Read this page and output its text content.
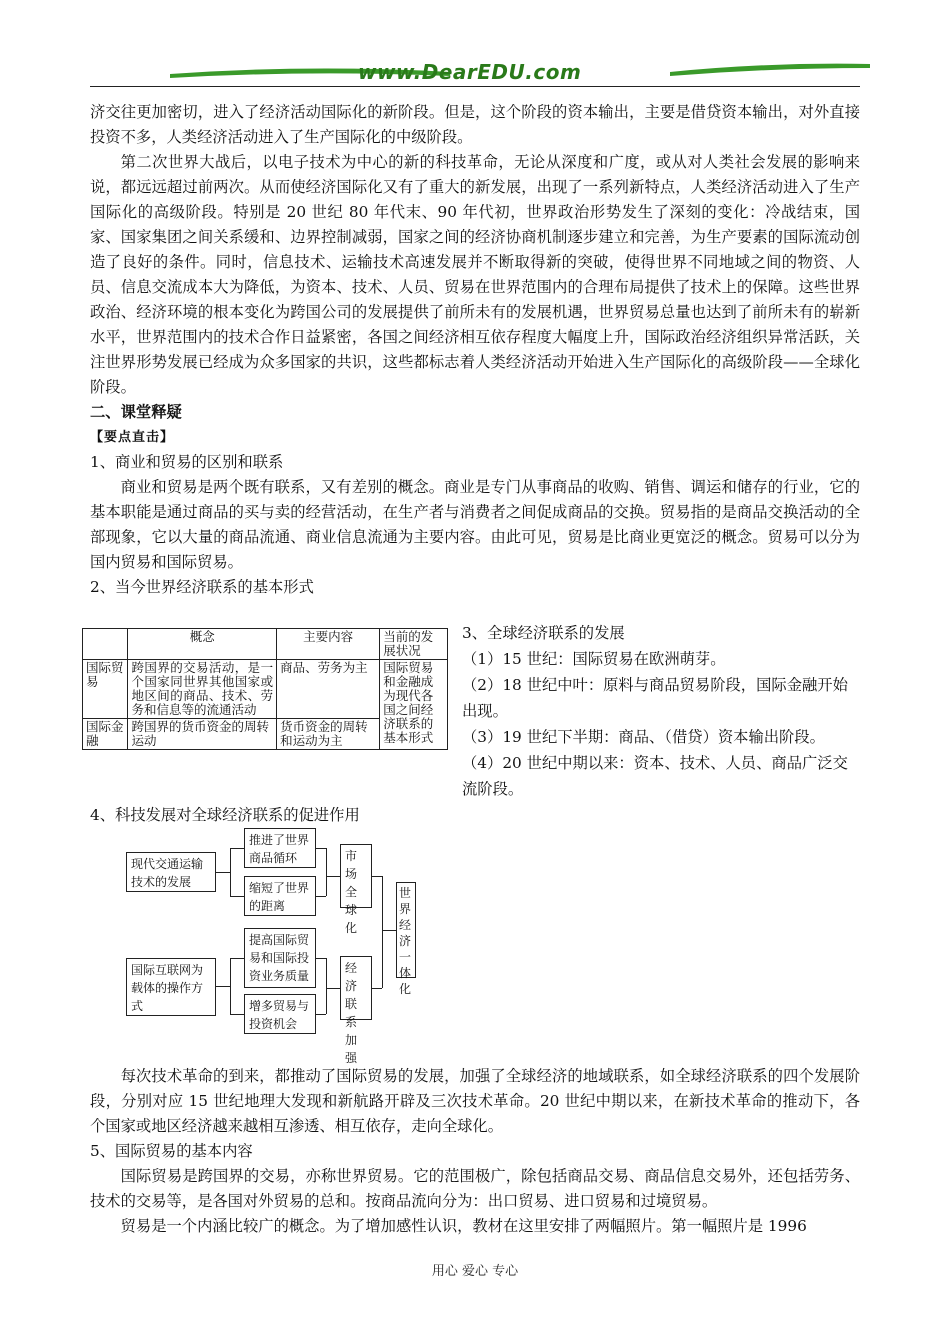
www.DearEDU.com

济交往更加密切，进入了经济活动国际化的新阶段。但是，这个阶段的资本输出，主要是借贷资本输出，对外直接投资不多，人类经济活动进入了生产国际化的中级阶段。

第二次世界大战后，以电子技术为中心的新的科技革命，无论从深度和广度，或从对人类社会发展的影响来说，都远远超过前两次。从而使经济国际化又有了重大的新发展，出现了一系列新特点，人类经济活动进入了生产国际化的高级阶段。特别是 20 世纪 80 年代末、90 年代初，世界政治形势发生了深刻的变化：冷战结束，国家、国家集团之间关系缓和、边界控制减弱，国家之间的经济协商机制逐步建立和完善，为生产要素的国际流动创造了良好的条件。同时，信息技术、运输技术高速发展并不断取得新的突破，使得世界不同地域之间的物资、人员、信息交流成本大为降低，为资本、技术、人员、贸易在世界范围内的合理布局提供了技术上的保障。这些世界政治、经济环境的根本变化为跨国公司的发展提供了前所未有的发展机遇，世界贸易总量也达到了前所未有的崭新水平，世界范围内的技术合作日益紧密，各国之间经济相互依存程度大幅度上升，国际政治经济组织异常活跃，关注世界形势发展已经成为众多国家的共识，这些都标志着人类经济活动开始进入生产国际化的高级阶段——全球化阶段。

二、课堂释疑

【要点直击】

1、商业和贸易的区别和联系

商业和贸易是两个既有联系，又有差别的概念。商业是专门从事商品的收购、销售、调运和储存的行业，它的基本职能是通过商品的买与卖的经营活动，在生产者与消费者之间促成商品的交换。贸易指的是商品交换活动的全部现象，它以大量的商品流通、商业信息流通为主要内容。由此可见，贸易是比商业更宽泛的概念。贸易可以分为国内贸易和国际贸易。

2、当今世界经济联系的基本形式

	概念	主要内容	当前的发展状况
国际贸易	跨国界的交易活动，是一个国家同世界其他国家或地区间的商品、技术、劳务和信息等的流通活动	商品、劳务为主	国际贸易和金融成为现代各国之间经济联系的基本形式
国际金融	跨国界的货币资金的周转运动	货币资金的周转和运动为主	
3、全球经济联系的发展
（1）15 世纪：国际贸易在欧洲萌芽。
（2）18 世纪中叶：原料与商品贸易阶段，国际金融开始出现。
（3）19 世纪下半期：商品、（借贷）资本输出阶段。
（4）20 世纪中期以来：资本、技术、人员、商品广泛交流阶段。

4、科技发展对全球经济联系的促进作用

现代交通运输技术的发展
国际互联网为载体的操作方式
推进了世界商品循环
缩短了世界的距离
提高国际贸易和国际投资业务质量
增多贸易与投资机会
市场全球化
经济联系加强
世界经济一体化

每次技术革命的到来，都推动了国际贸易的发展，加强了全球经济的地域联系，如全球经济联系的四个发展阶段，分别对应 15 世纪地理大发现和新航路开辟及三次技术革命。20 世纪中期以来，在新技术革命的推动下，各个国家或地区经济越来越相互渗透、相互依存，走向全球化。

5、国际贸易的基本内容

国际贸易是跨国界的交易，亦称世界贸易。它的范围极广，除包括商品交易、商品信息交易外，还包括劳务、技术的交易等，是各国对外贸易的总和。按商品流向分为：出口贸易、进口贸易和过境贸易。

贸易是一个内涵比较广的概念。为了增加感性认识，教材在这里安排了两幅照片。第一幅照片是 1996

用心 爱心 专心
